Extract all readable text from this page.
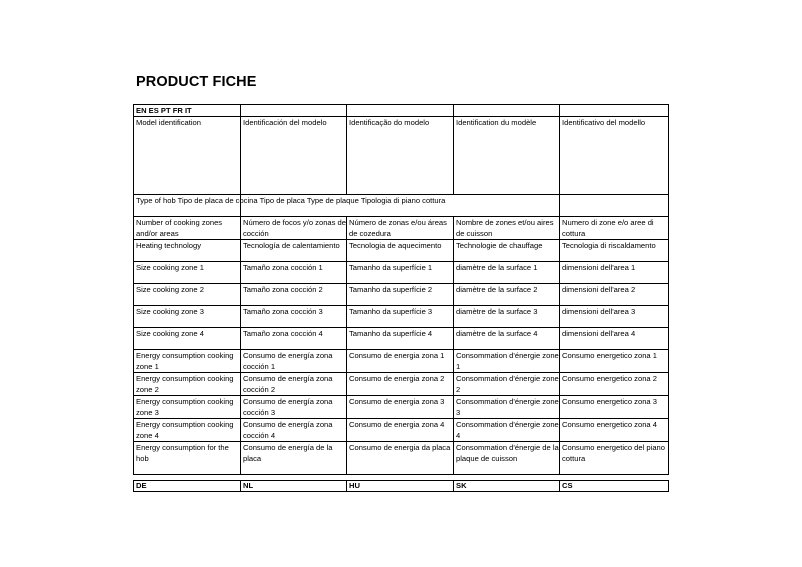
PRODUCT FICHE
EN ES PT FR IT				
Model identification	Identificación del modelo	Identificação do modelo	Identification du modèle	Identificativo del modello
Type of hob Tipo de placa de cocina Tipo de placa Type de plaque Tipologia di piano cottura				
Number of cooking zones and/or areas	Número de focos y/o zonas de cocción	Número de zonas e/ou áreas de cozedura	Nombre de zones et/ou aires de cuisson	Numero di zone e/o aree di cottura
Heating technology	Tecnología de calentamiento	Tecnologia de aquecimento	Technologie de chauffage	Tecnologia di riscaldamento
Size cooking zone 1	Tamaño zona cocción 1	Tamanho da superfície 1	diamètre de la surface 1	dimensioni dell'area 1
Size cooking zone 2	Tamaño zona cocción 2	Tamanho da superfície 2	diamètre de la surface 2	dimensioni dell'area 2
Size cooking zone 3	Tamaño zona cocción 3	Tamanho da superfície 3	diamètre de la surface 3	dimensioni dell'area 3
Size cooking zone 4	Tamaño zona cocción 4	Tamanho da superfície 4	diamètre de la surface 4	dimensioni dell'area 4
Energy consumption cooking zone 1	Consumo de energía zona cocción 1	Consumo de energia zona 1	Consommation d'énergie zone 1	Consumo energetico zona 1
Energy consumption cooking zone 2	Consumo de energía zona cocción 2	Consumo de energia zona 2	Consommation d'énergie zone 2	Consumo energetico zona 2
Energy consumption cooking zone 3	Consumo de energía zona cocción 3	Consumo de energia zona 3	Consommation d'énergie zone 3	Consumo energetico zona 3
Energy consumption cooking zone 4	Consumo de energía zona cocción 4	Consumo de energia zona 4	Consommation d'énergie zone 4	Consumo energetico zona 4
Energy consumption for the hob	Consumo de energía de la placa	Consumo de energia da placa	Consommation d'énergie de la plaque de cuisson	Consumo energetico del piano cottura
DE	NL	HU	SK	CS
